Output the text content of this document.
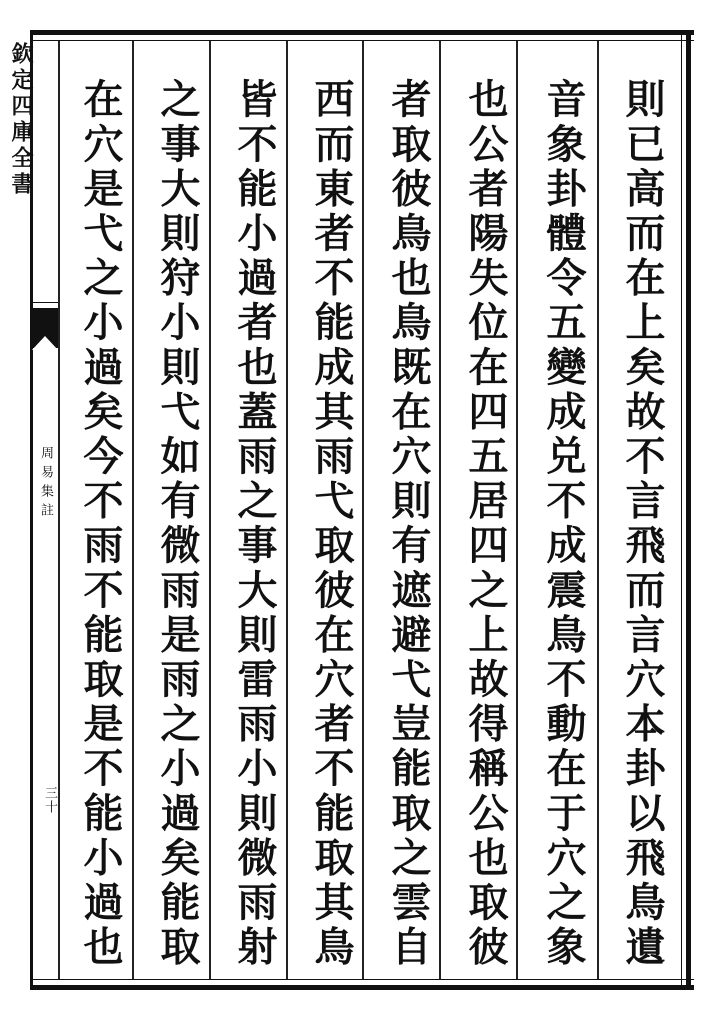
欽定四庫全書
周易集註
三十	則已高而在上矣故不言飛而言穴本卦以飛鳥遺
音象卦體令五變成兑不成震鳥不動在于穴之象
也公者陽失位在四五居四之上故得稱公也取彼
者取彼鳥也鳥既在穴則有遮避弋豈能取之雲自
西而東者不能成其雨弋取彼在穴者不能取其鳥
皆不能小過者也蓋雨之事大則雷雨小則微雨射
之事大則狩小則弋如有微雨是雨之小過矣能取
在穴是弋之小過矣今不雨不能取是不能小過也
